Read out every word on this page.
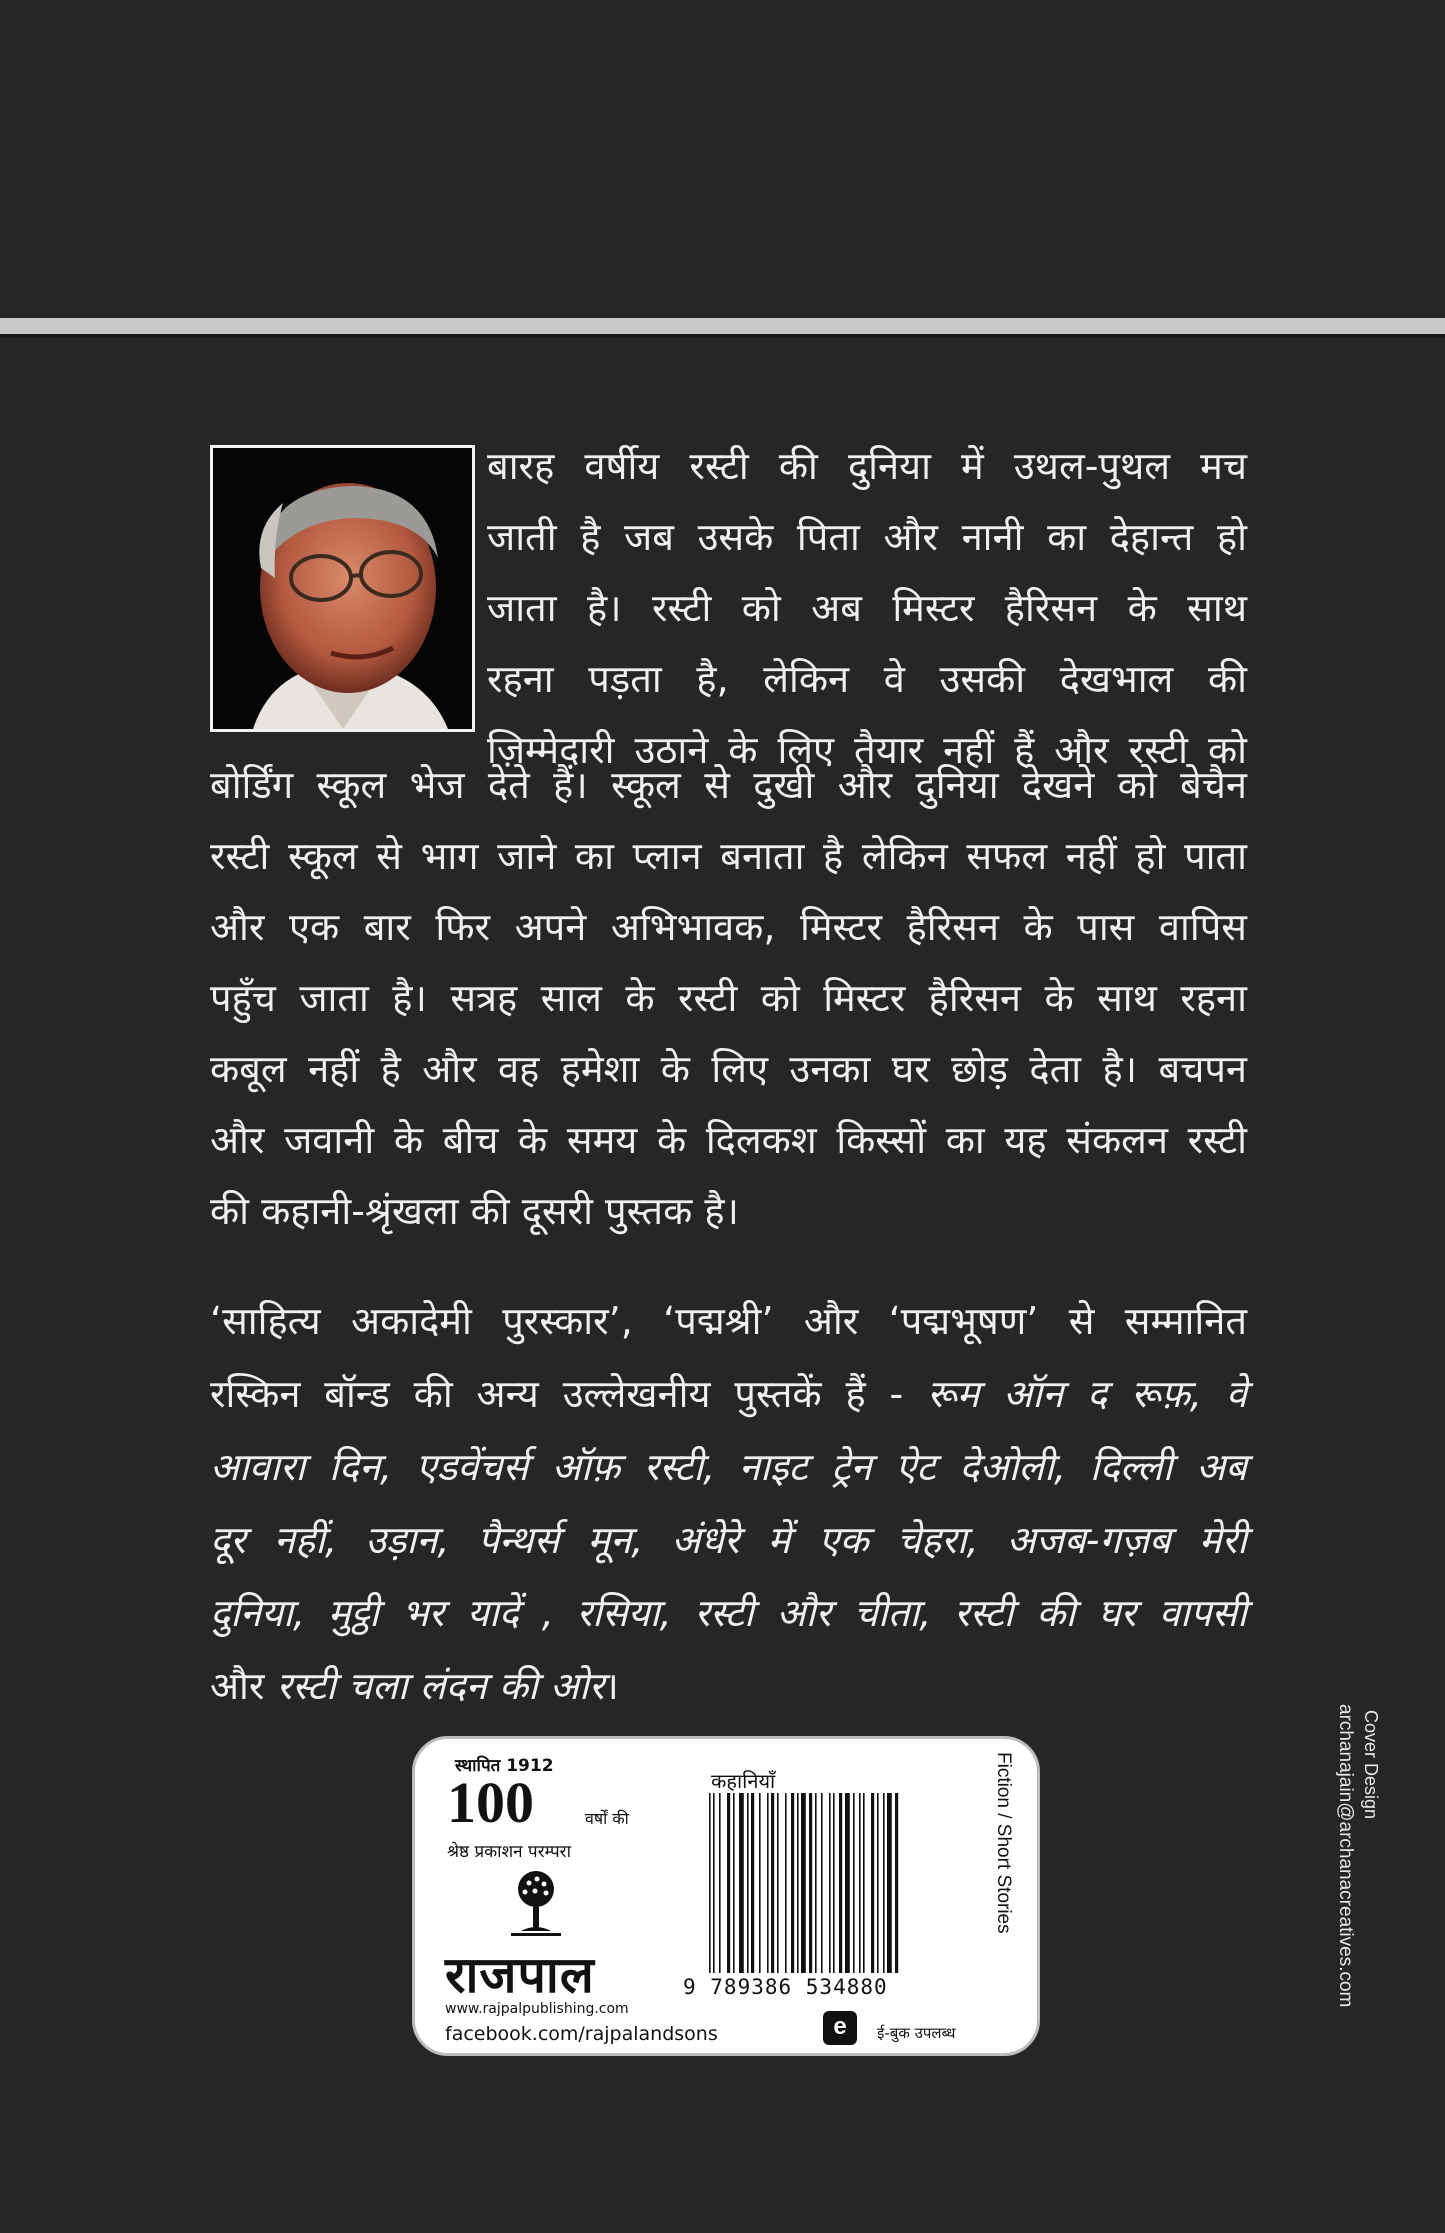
बारह वर्षीय रस्टी की दुनिया में उथल-पुथल मच
जाती है जब उसके पिता और नानी का देहान्त हो
जाता है। रस्टी को अब मिस्टर हैरिसन के साथ
रहना पड़ता है, लेकिन वे उसकी देखभाल की
ज़िम्मेदारी उठाने के लिए तैयार नहीं हैं और रस्टी को
बोर्डिंग स्कूल भेज देते हैं। स्कूल से दुखी और दुनिया देखने को बेचैन
रस्टी स्कूल से भाग जाने का प्लान बनाता है लेकिन सफल नहीं हो पाता
और एक बार फिर अपने अभिभावक, मिस्टर हैरिसन के पास वापिस
पहुँच जाता है। सत्रह साल के रस्टी को मिस्टर हैरिसन के साथ रहना
कबूल नहीं है और वह हमेशा के लिए उनका घर छोड़ देता है। बचपन
और जवानी के बीच के समय के दिलकश किस्सों का यह संकलन रस्टी
की कहानी-श्रृंखला की दूसरी पुस्तक है।
‘साहित्य अकादेमी पुरस्कार’, ‘पद्मश्री’ और ‘पद्मभूषण’ से सम्मानित
रस्किन बॉन्ड की अन्य उल्लेखनीय पुस्तकें हैं - रूम ऑन द रूफ़, वे
आवारा दिन, एडवेंचर्स ऑफ़ रस्टी, नाइट ट्रेन ऐट देओली, दिल्ली अब
दूर नहीं, उड़ान, पैन्थर्स मून, अंधेरे में एक चेहरा, अजब-गज़ब मेरी
दुनिया, मुट्ठी भर यादें , रसिया, रस्टी और चीता, रस्टी की घर वापसी
और रस्टी चला लंदन की ओर।
स्थापित 1912
100	वर्षों की
श्रेष्ठ प्रकाशन परम्परा
राजपाल
www.rajpalpublishing.com
facebook.com/rajpalandsons
कहानियाँ
9 789386 534880
e	ई-बुक उपलब्ध
Fiction / Short Stories	Cover Design
archanajain@archanacreatives.com
